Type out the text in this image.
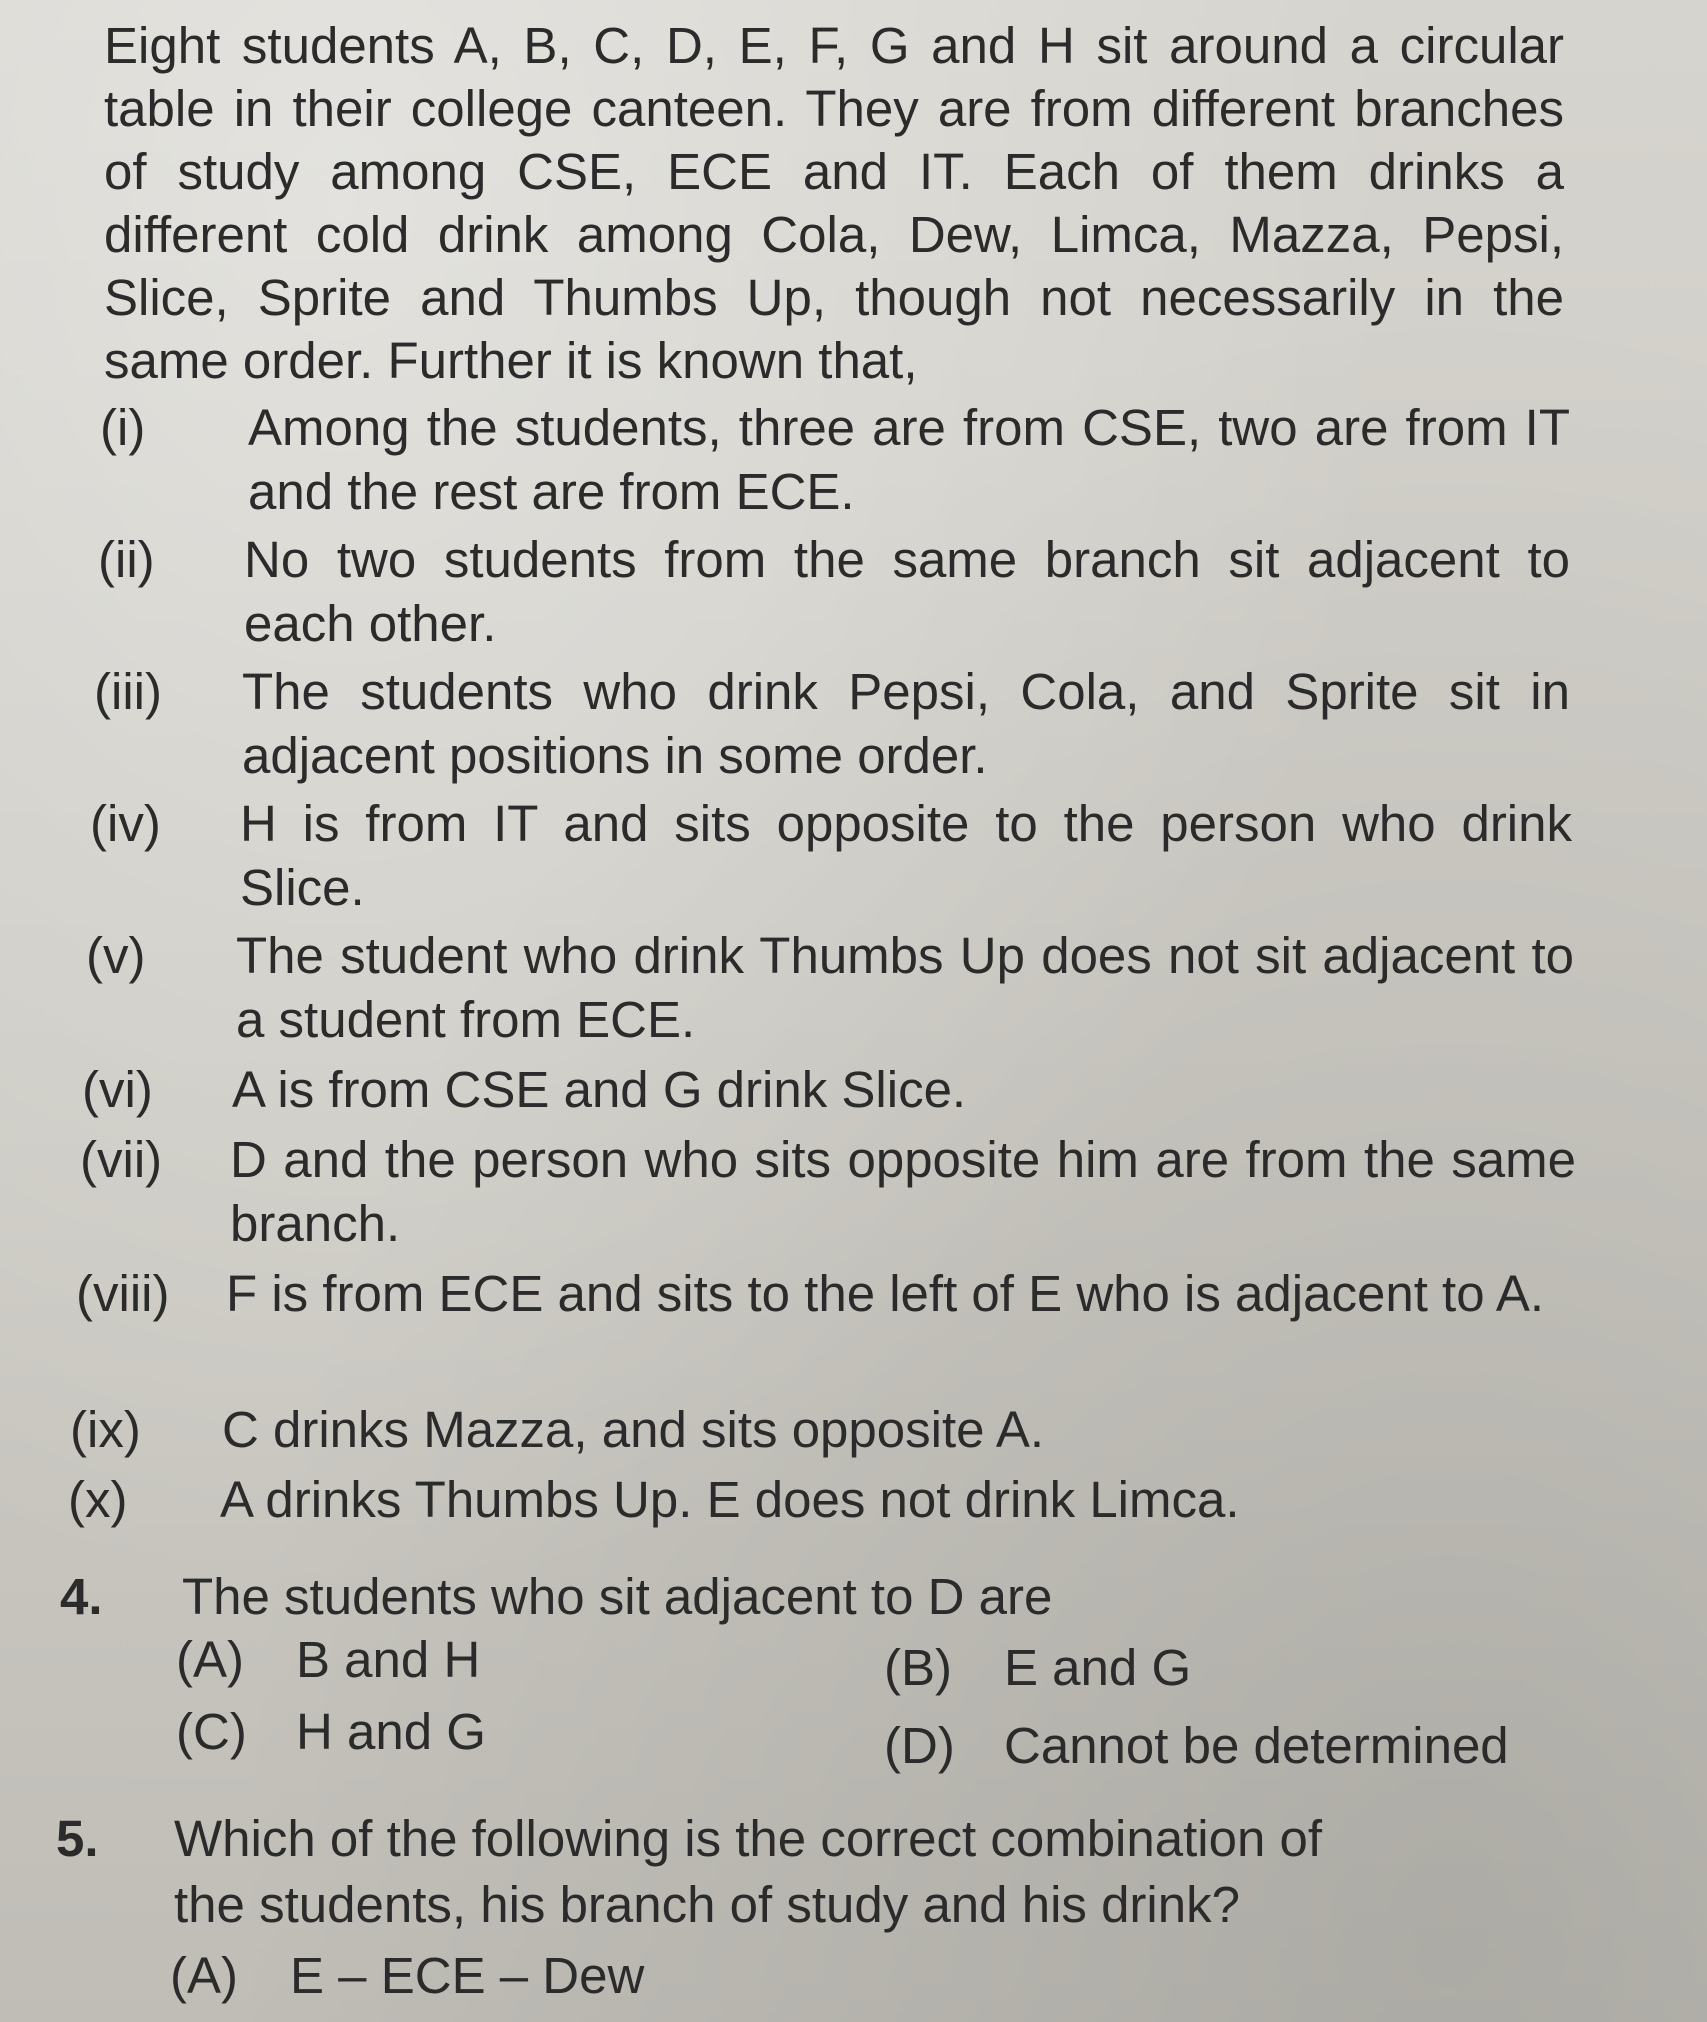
Eight students A, B, C, D, E, F, G and H sit around a circular table in their college canteen. They are from different branches of study among CSE, ECE and IT. Each of them drinks a different cold drink among Cola, Dew, Limca, Mazza, Pepsi, Slice, Sprite and Thumbs Up, though not necessarily in the same order. Further it is known that,
(i) Among the students, three are from CSE, two are from IT and the rest are from ECE.
(ii) No two students from the same branch sit adjacent to each other.
(iii) The students who drink Pepsi, Cola, and Sprite sit in adjacent positions in some order.
(iv) H is from IT and sits opposite to the person who drink Slice.
(v) The student who drink Thumbs Up does not sit adjacent to a student from ECE.
(vi) A is from CSE and G drink Slice.
(vii) D and the person who sits opposite him are from the same branch.
(viii) F is from ECE and sits to the left of E who is adjacent to A.
(ix) C drinks Mazza, and sits opposite A.
(x) A drinks Thumbs Up. E does not drink Limca.
4. The students who sit adjacent to D are
(A) B and H	(B) E and G
(C) H and G	(D) Cannot be determined
5. Which of the following is the correct combination of
the students, his branch of study and his drink?
(A) E – ECE – Dew
